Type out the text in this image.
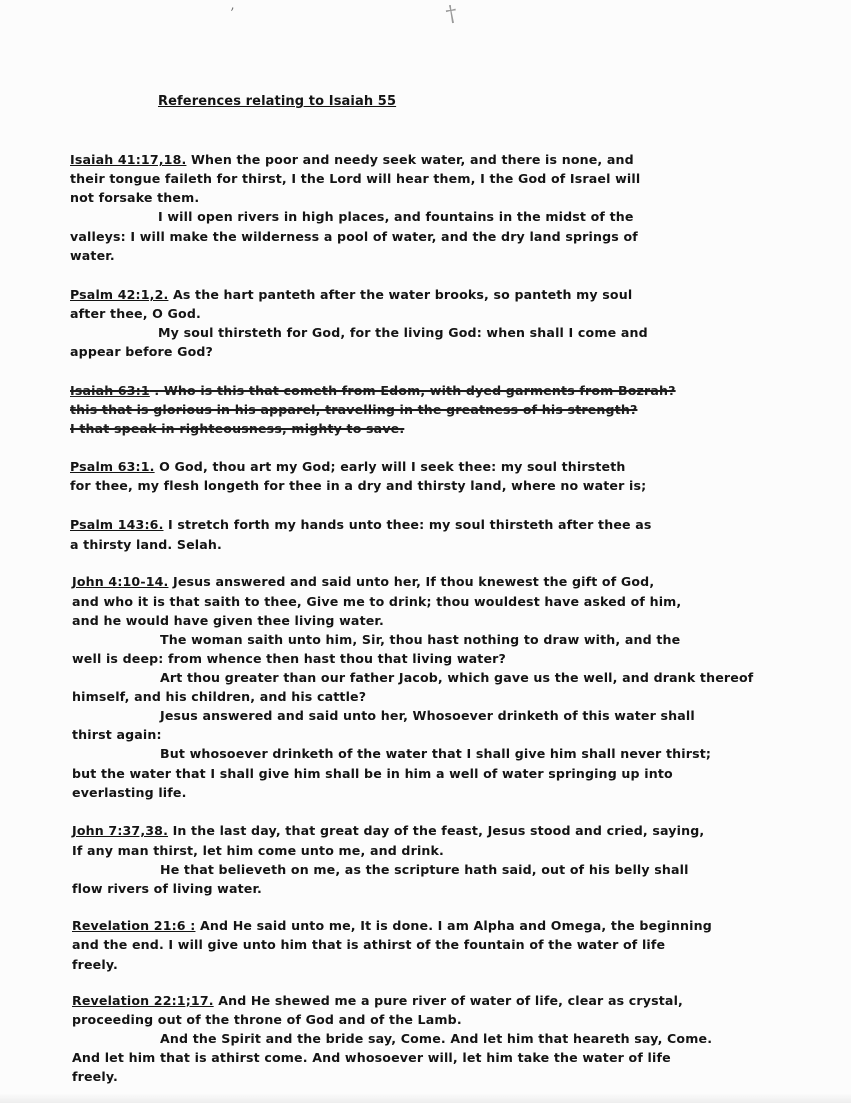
’	†
References relating to Isaiah 55
Isaiah 41:17,18. When the poor and needy seek water, and there is none, and
their tongue faileth for thirst, I the Lord will hear them, I the God of Israel will
not forsake them.
I will open rivers in high places, and fountains in the midst of the
valleys: I will make the wilderness a pool of water, and the dry land springs of
water.
Psalm 42:1,2. As the hart panteth after the water brooks, so panteth my soul
after thee, O God.
My soul thirsteth for God, for the living God: when shall I come and
appear before God?
Isaiah 63:1 . Who is this that cometh from Edom, with dyed garments from Bozrah?
this that is glorious in his apparel, travelling in the greatness of his strength?
I that speak in righteousness, mighty to save.
Psalm 63:1. O God, thou art my God; early will I seek thee: my soul thirsteth
for thee, my flesh longeth for thee in a dry and thirsty land, where no water is;
Psalm 143:6. I stretch forth my hands unto thee: my soul thirsteth after thee as
a thirsty land. Selah.
John 4:10-14. Jesus answered and said unto her, If thou knewest the gift of God,
and who it is that saith to thee, Give me to drink; thou wouldest have asked of him,
and he would have given thee living water.
The woman saith unto him, Sir, thou hast nothing to draw with, and the
well is deep: from whence then hast thou that living water?
Art thou greater than our father Jacob, which gave us the well, and drank thereof
himself, and his children, and his cattle?
Jesus answered and said unto her, Whosoever drinketh of this water shall
thirst again:
But whosoever drinketh of the water that I shall give him shall never thirst;
but the water that I shall give him shall be in him a well of water springing up into
everlasting life.
John 7:37,38. In the last day, that great day of the feast, Jesus stood and cried, saying,
If any man thirst, let him come unto me, and drink.
He that believeth on me, as the scripture hath said, out of his belly shall
flow rivers of living water.
Revelation 21:6 : And He said unto me, It is done. I am Alpha and Omega, the beginning
and the end. I will give unto him that is athirst of the fountain of the water of life
freely.
Revelation 22:1;17. And He shewed me a pure river of water of life, clear as crystal,
proceeding out of the throne of God and of the Lamb.
And the Spirit and the bride say, Come. And let him that heareth say, Come.
And let him that is athirst come. And whosoever will, let him take the water of life
freely.
